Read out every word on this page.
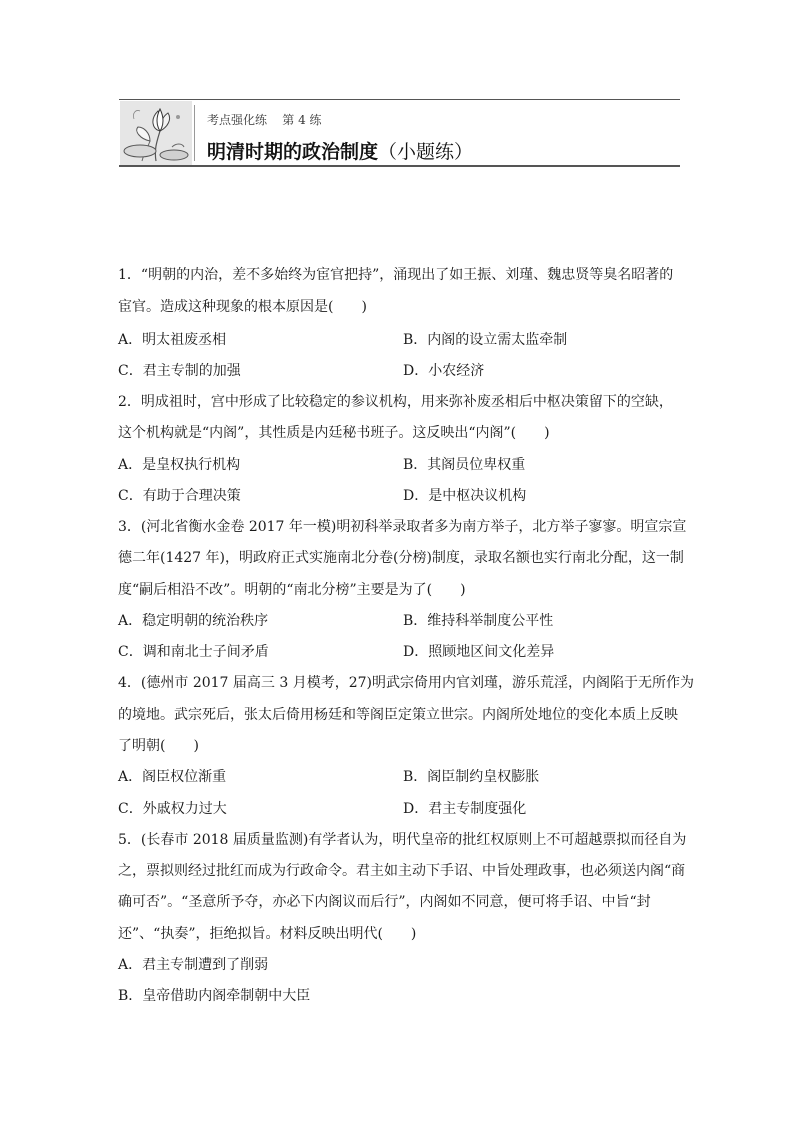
考点强化练    第 4 练
明清时期的政治制度（小题练）
1．“明朝的内治，差不多始终为宦官把持”，涌现出了如王振、刘瑾、魏忠贤等臭名昭著的
宦官。造成这种现象的根本原因是(　　)
A．明太祖废丞相	B．内阁的设立需太监牵制
C．君主专制的加强	D．小农经济
2．明成祖时，宫中形成了比较稳定的参议机构，用来弥补废丞相后中枢决策留下的空缺，
这个机构就是“内阁”，其性质是内廷秘书班子。这反映出“内阁”(　　)
A．是皇权执行机构	B．其阁员位卑权重
C．有助于合理决策	D．是中枢决议机构
3．(河北省衡水金卷 2017 年一模)明初科举录取者多为南方举子，北方举子寥寥。明宣宗宣
德二年(1427 年)，明政府正式实施南北分卷(分榜)制度，录取名额也实行南北分配，这一制
度“嗣后相沿不改”。明朝的“南北分榜”主要是为了(　　)
A．稳定明朝的统治秩序	B．维持科举制度公平性
C．调和南北士子间矛盾	D．照顾地区间文化差异
4．(德州市 2017 届高三 3 月模考，27)明武宗倚用内官刘瑾，游乐荒淫，内阁陷于无所作为
的境地。武宗死后，张太后倚用杨廷和等阁臣定策立世宗。内阁所处地位的变化本质上反映
了明朝(　　)
A．阁臣权位渐重	B．阁臣制约皇权膨胀
C．外戚权力过大	D．君主专制度强化
5．(长春市 2018 届质量监测)有学者认为，明代皇帝的批红权原则上不可超越票拟而径自为
之，票拟则经过批红而成为行政命令。君主如主动下手诏、中旨处理政事，也必须送内阁“商
确可否”。“圣意所予夺，亦必下内阁议而后行”，内阁如不同意，便可将手诏、中旨“封
还”、“执奏”，拒绝拟旨。材料反映出明代(　　)
A．君主专制遭到了削弱
B．皇帝借助内阁牵制朝中大臣
